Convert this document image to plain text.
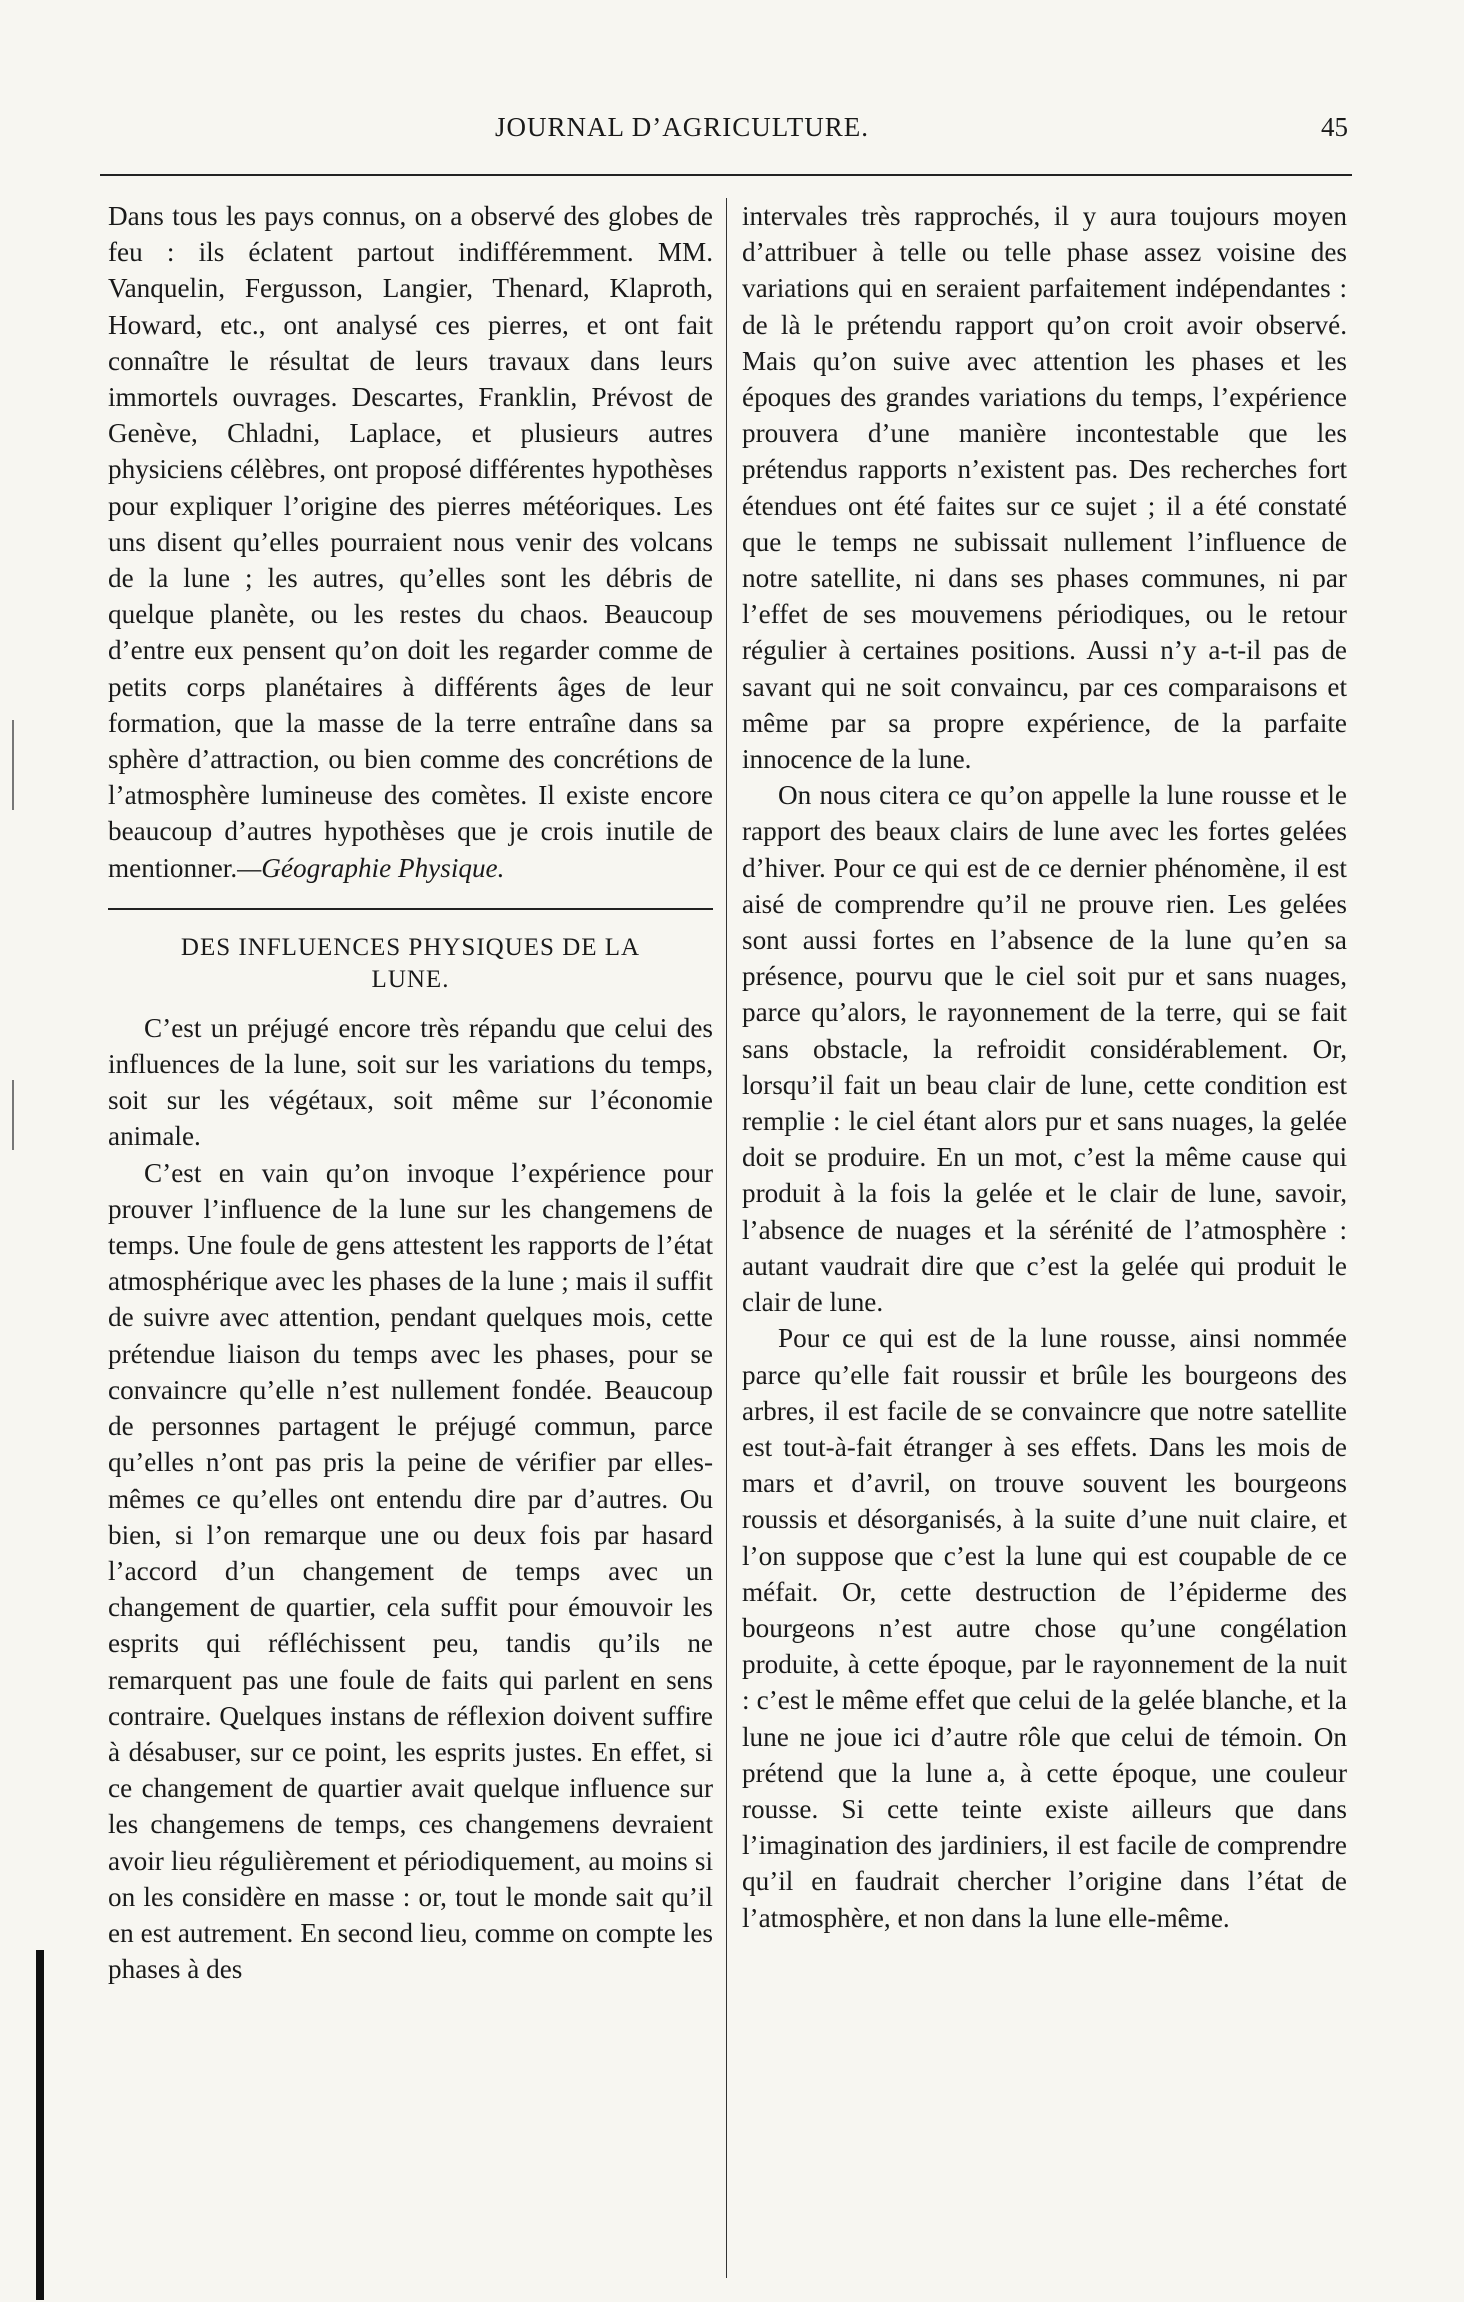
JOURNAL D’AGRICULTURE.	45

Dans tous les pays connus, on a observé des globes de feu : ils éclatent partout indifféremment. MM. Vanquelin, Fergusson, Langier, Thenard, Klaproth, Howard, etc., ont analysé ces pierres, et ont fait connaître le résultat de leurs travaux dans leurs immortels ouvrages. Descartes, Franklin, Prévost de Genève, Chladni, Laplace, et plusieurs autres physiciens célèbres, ont proposé différentes hypothèses pour expliquer l’origine des pierres météoriques. Les uns disent qu’elles pourraient nous venir des volcans de la lune ; les autres, qu’elles sont les débris de quelque planète, ou les restes du chaos. Beaucoup d’entre eux pensent qu’on doit les regarder comme de petits corps planétaires à différents âges de leur formation, que la masse de la terre entraîne dans sa sphère d’attraction, ou bien comme des concrétions de l’atmosphère lumineuse des comètes. Il existe encore beaucoup d’autres hypothèses que je crois inutile de mentionner.

—Géographie Physique.
DES INFLUENCES PHYSIQUES DE LA
LUNE.

C’est un préjugé encore très répandu que celui des influences de la lune, soit sur les variations du temps, soit sur les végétaux, soit même sur l’économie animale.

C’est en vain qu’on invoque l’expérience pour prouver l’influence de la lune sur les changemens de temps. Une foule de gens attestent les rapports de l’état atmosphérique avec les phases de la lune ; mais il suffit de suivre avec attention, pendant quelques mois, cette prétendue liaison du temps avec les phases, pour se convaincre qu’elle n’est nullement fondée. Beaucoup de personnes partagent le préjugé commun, parce qu’elles n’ont pas pris la peine de vérifier par elles-mêmes ce qu’elles ont entendu dire par d’autres. Ou bien, si l’on remarque une ou deux fois par hasard l’accord d’un changement de temps avec un changement de quartier, cela suffit pour émouvoir les esprits qui réfléchissent peu, tandis qu’ils ne remarquent pas une foule de faits qui parlent en sens contraire. Quelques instans de réflexion doivent suffire à désabuser, sur ce point, les esprits justes. En effet, si ce changement de quartier avait quelque influence sur les changemens de temps, ces changemens devraient avoir lieu régulièrement et périodiquement, au moins si on les considère en masse : or, tout le monde sait qu’il en est autrement. En second lieu, comme on compte les phases à des

intervales très rapprochés, il y aura toujours moyen d’attribuer à telle ou telle phase assez voisine des variations qui en seraient parfaitement indépendantes : de là le prétendu rapport qu’on croit avoir observé. Mais qu’on suive avec attention les phases et les époques des grandes variations du temps, l’expérience prouvera d’une manière incontestable que les prétendus rapports n’existent pas. Des recherches fort étendues ont été faites sur ce sujet ; il a été constaté que le temps ne subissait nullement l’influence de notre satellite, ni dans ses phases communes, ni par l’effet de ses mouvemens périodiques, ou le retour régulier à certaines positions. Aussi n’y a-t-il pas de savant qui ne soit convaincu, par ces comparaisons et même par sa propre expérience, de la parfaite innocence de la lune.

On nous citera ce qu’on appelle la lune rousse et le rapport des beaux clairs de lune avec les fortes gelées d’hiver. Pour ce qui est de ce dernier phénomène, il est aisé de comprendre qu’il ne prouve rien. Les gelées sont aussi fortes en l’absence de la lune qu’en sa présence, pourvu que le ciel soit pur et sans nuages, parce qu’alors, le rayonnement de la terre, qui se fait sans obstacle, la refroidit considérablement. Or, lorsqu’il fait un beau clair de lune, cette condition est remplie : le ciel étant alors pur et sans nuages, la gelée doit se produire. En un mot, c’est la même cause qui produit à la fois la gelée et le clair de lune, savoir, l’absence de nuages et la sérénité de l’atmosphère : autant vaudrait dire que c’est la gelée qui produit le clair de lune.

Pour ce qui est de la lune rousse, ainsi nommée parce qu’elle fait roussir et brûle les bourgeons des arbres, il est facile de se convaincre que notre satellite est tout-à-fait étranger à ses effets. Dans les mois de mars et d’avril, on trouve souvent les bourgeons roussis et désorganisés, à la suite d’une nuit claire, et l’on suppose que c’est la lune qui est coupable de ce méfait. Or, cette destruction de l’épiderme des bourgeons n’est autre chose qu’une congélation produite, à cette époque, par le rayonnement de la nuit : c’est le même effet que celui de la gelée blanche, et la lune ne joue ici d’autre rôle que celui de témoin. On prétend que la lune a, à cette époque, une couleur rousse. Si cette teinte existe ailleurs que dans l’imagination des jardiniers, il est facile de comprendre qu’il en faudrait chercher l’origine dans l’état de l’atmosphère, et non dans la lune elle-même.
